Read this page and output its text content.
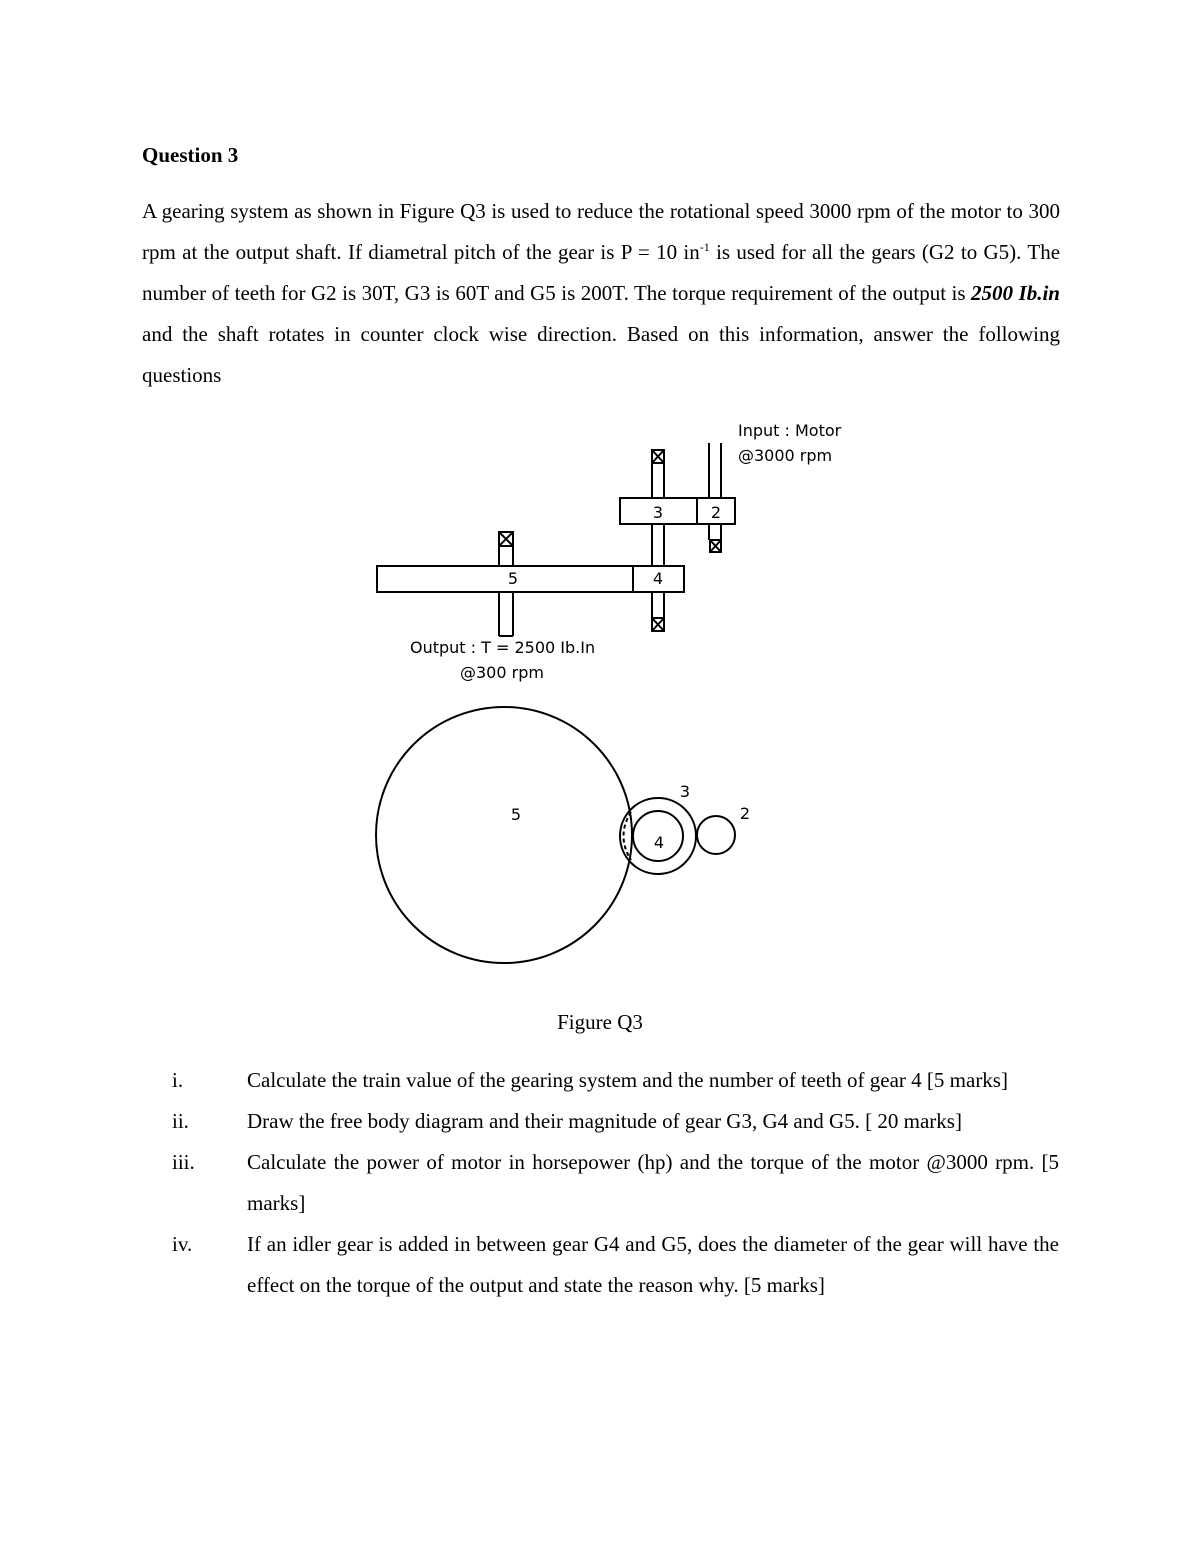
Question 3
A gearing system as shown in Figure Q3 is used to reduce the rotational speed 3000 rpm of the motor to 300 rpm at the output shaft. If diametral pitch of the gear is P = 10 $in^{-1}$ is used for all the gears (G2 to G5). The number of teeth for G2 is 30T, G3 is 60T and G5 is 200T. The torque requirement of the output is 2500 Ib.in and the shaft rotates in counter clock wise direction. Based on this information, answer the following questions
3	2
5	4
Input : Motor
@3000 rpm
Output : T = 2500 Ib.In
@300 rpm
5
3
4
2
Figure Q3
i.	Calculate the train value of the gearing system and the number of teeth of gear 4 [5 marks]
ii.	Draw the free body diagram and their magnitude of gear G3, G4 and G5. [ 20 marks]
iii. Calculate the power of motor in horsepower (hp) and the torque of the motor @3000 rpm. [5 marks]
iv.	If an idler gear is added in between gear G4 and G5, does the diameter of the gear will have the effect on the torque of the output and state the reason why. [5 marks]
